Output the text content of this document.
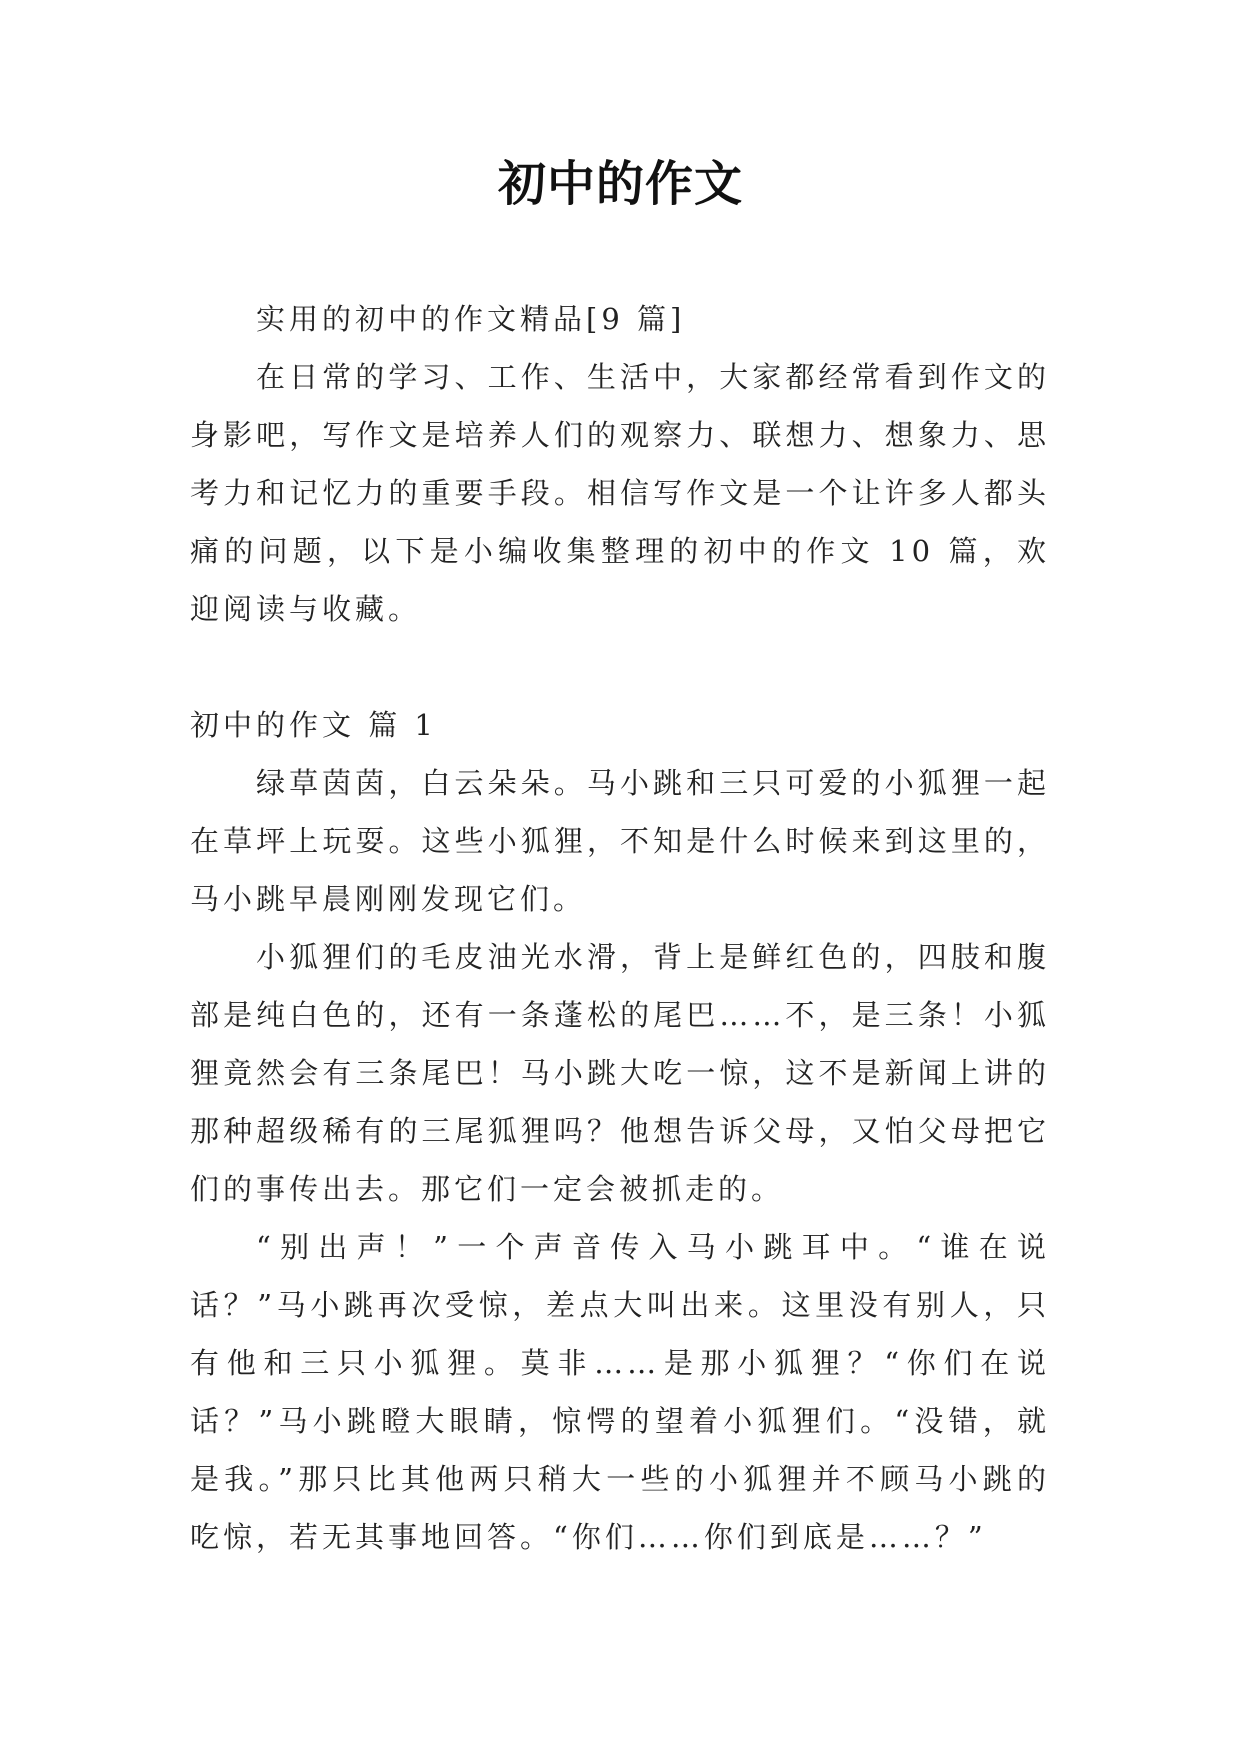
初中的作文

实用的初中的作文精品[9 篇]

在日常的学习、工作、生活中，大家都经常看到作文的身影吧，写作文是培养人们的观察力、联想力、想象力、思考力和记忆力的重要手段。相信写作文是一个让许多人都头痛的问题，以下是小编收集整理的初中的作文 10 篇，欢迎阅读与收藏。

初中的作文 篇 1

绿草茵茵，白云朵朵。马小跳和三只可爱的小狐狸一起在草坪上玩耍。这些小狐狸，不知是什么时候来到这里的，马小跳早晨刚刚发现它们。

小狐狸们的毛皮油光水滑，背上是鲜红色的，四肢和腹部是纯白色的，还有一条蓬松的尾巴……不，是三条！小狐狸竟然会有三条尾巴！马小跳大吃一惊，这不是新闻上讲的那种超级稀有的三尾狐狸吗？他想告诉父母，又怕父母把它们的事传出去。那它们一定会被抓走的。

“别出声！”一个声音传入马小跳耳中。“谁在说话？”马小跳再次受惊，差点大叫出来。这里没有别人，只有他和三只小狐狸。莫非……是那小狐狸？“你们在说话？”马小跳瞪大眼睛，惊愕的望着小狐狸们。“没错，就是我。”那只比其他两只稍大一些的小狐狸并不顾马小跳的吃惊，若无其事地回答。“你们……你们到底是……？”
